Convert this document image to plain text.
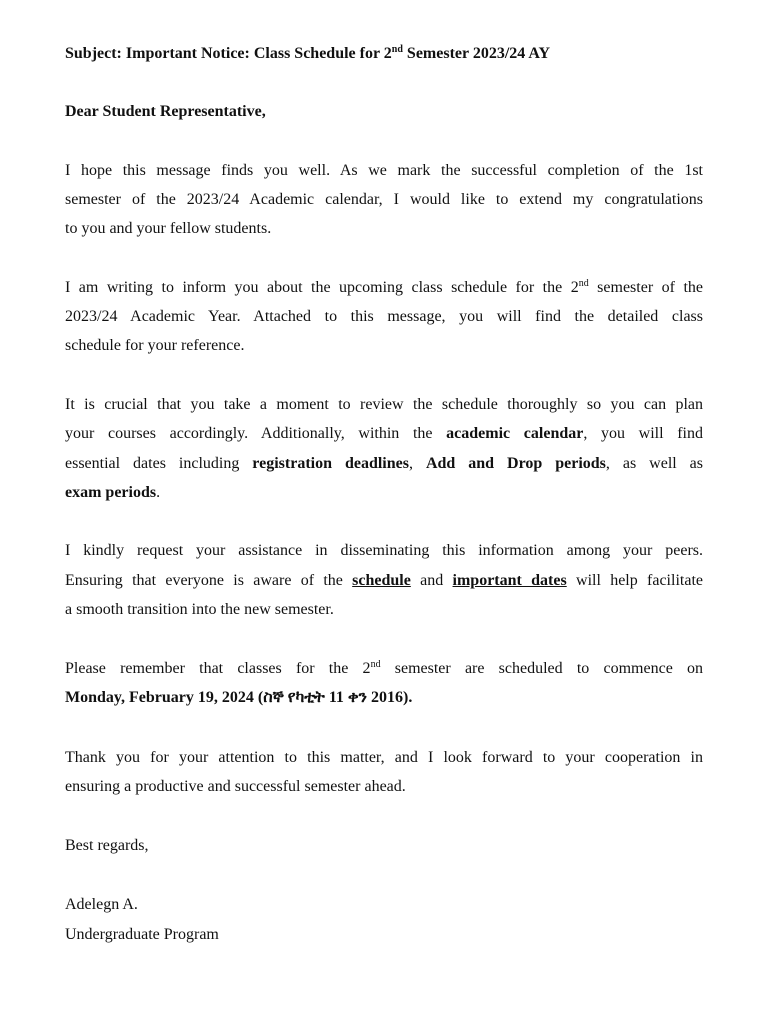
Subject: Important Notice: Class Schedule for 2nd Semester 2023/24 AY
Dear Student Representative,
I hope this message finds you well. As we mark the successful completion of the 1st
semester of the 2023/24 Academic calendar, I would like to extend my congratulations
to you and your fellow students.
I am writing to inform you about the upcoming class schedule for the 2nd semester of the
2023/24 Academic Year. Attached to this message, you will find the detailed class
schedule for your reference.
It is crucial that you take a moment to review the schedule thoroughly so you can plan
your courses accordingly. Additionally, within the academic calendar, you will find
essential dates including registration deadlines, Add and Drop periods, as well as
exam periods.
I kindly request your assistance in disseminating this information among your peers.
Ensuring that everyone is aware of the schedule and important dates will help facilitate
a smooth transition into the new semester.
Please remember that classes for the 2nd semester are scheduled to commence on
Monday, February 19, 2024 (ስኞ የካቲት 11 ቀን 2016).
Thank you for your attention to this matter, and I look forward to your cooperation in
ensuring a productive and successful semester ahead.
Best regards,
Adelegn A.
Undergraduate Program
